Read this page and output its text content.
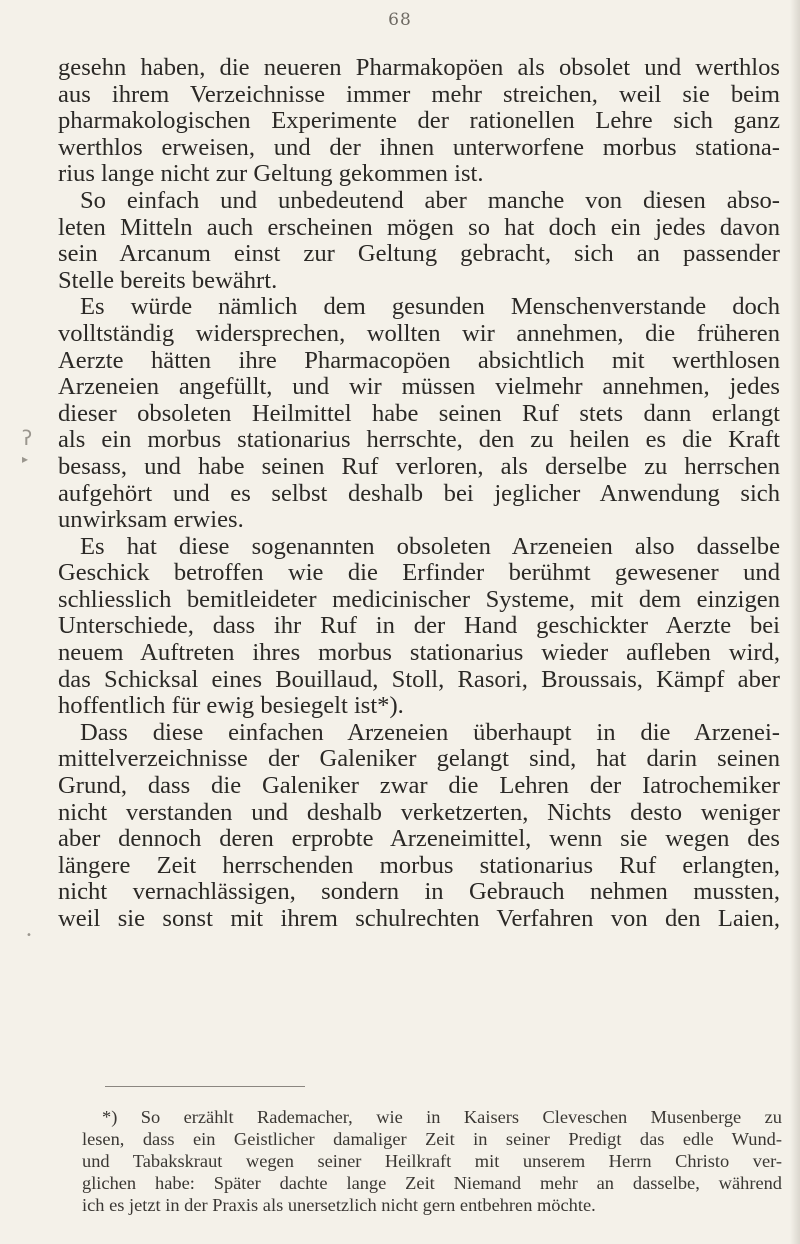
68
ʔ
▸
•
gesehn haben, die neueren Pharmakopöen als obsolet und werthlos
aus ihrem Verzeichnisse immer mehr streichen, weil sie beim
pharmakologischen Experimente der rationellen Lehre sich ganz
werthlos erweisen, und der ihnen unterworfene morbus stationa-
rius lange nicht zur Geltung gekommen ist.
So einfach und unbedeutend aber manche von diesen abso-
leten Mitteln auch erscheinen mögen so hat doch ein jedes davon
sein Arcanum einst zur Geltung gebracht, sich an passender
Stelle bereits bewährt.
Es würde nämlich dem gesunden Menschenverstande doch
volltständig widersprechen, wollten wir annehmen, die früheren
Aerzte hätten ihre Pharmacopöen absichtlich mit werthlosen
Arzeneien angefüllt, und wir müssen vielmehr annehmen, jedes
dieser obsoleten Heilmittel habe seinen Ruf stets dann erlangt
als ein morbus stationarius herrschte, den zu heilen es die Kraft
besass, und habe seinen Ruf verloren, als derselbe zu herrschen
aufgehört und es selbst deshalb bei jeglicher Anwendung sich
unwirksam erwies.
Es hat diese sogenannten obsoleten Arzeneien also dasselbe
Geschick betroffen wie die Erfinder berühmt gewesener und
schliesslich bemitleideter medicinischer Systeme, mit dem einzigen
Unterschiede, dass ihr Ruf in der Hand geschickter Aerzte bei
neuem Auftreten ihres morbus stationarius wieder aufleben wird,
das Schicksal eines Bouillaud, Stoll, Rasori, Broussais, Kämpf aber
hoffentlich für ewig besiegelt ist*).
Dass diese einfachen Arzeneien überhaupt in die Arzenei-
mittelverzeichnisse der Galeniker gelangt sind, hat darin seinen
Grund, dass die Galeniker zwar die Lehren der Iatrochemiker
nicht verstanden und deshalb verketzerten, Nichts desto weniger
aber dennoch deren erprobte Arzeneimittel, wenn sie wegen des
längere Zeit herrschenden morbus stationarius Ruf erlangten,
nicht vernachlässigen, sondern in Gebrauch nehmen mussten,
weil sie sonst mit ihrem schulrechten Verfahren von den Laien,
*) So erzählt Rademacher, wie in Kaisers Cleveschen Musenberge zu
lesen, dass ein Geistlicher damaliger Zeit in seiner Predigt das edle Wund-
und Tabakskraut wegen seiner Heilkraft mit unserem Herrn Christo ver-
glichen habe: Später dachte lange Zeit Niemand mehr an dasselbe, während
ich es jetzt in der Praxis als unersetzlich nicht gern entbehren möchte.
